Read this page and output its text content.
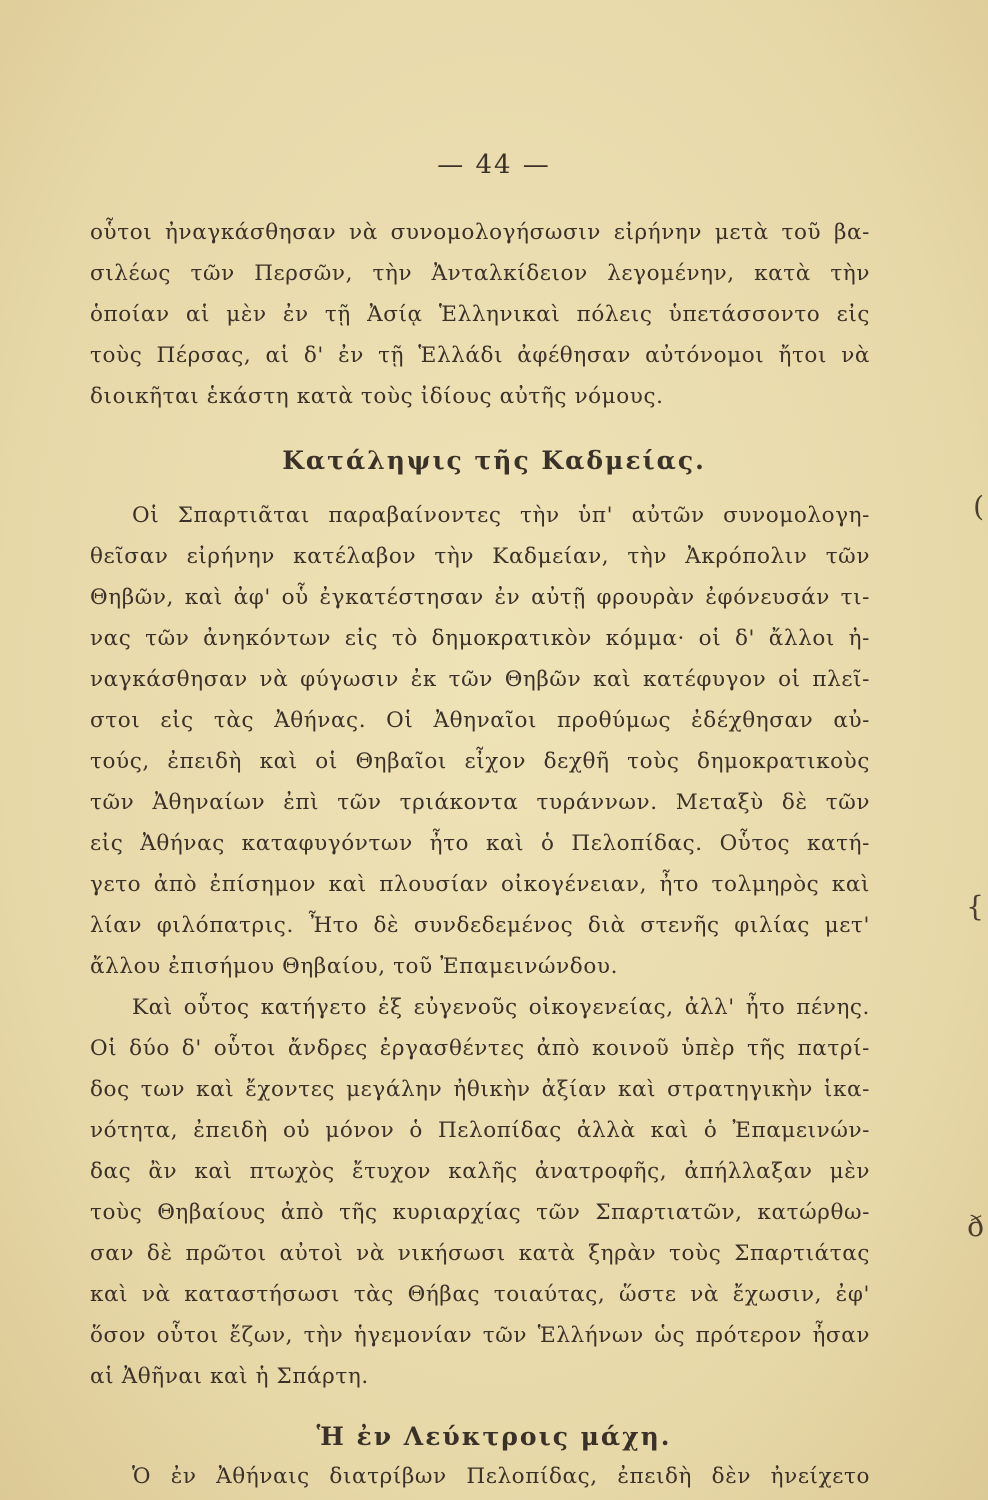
— 44 —
οὗτοι ἠναγκάσθησαν νὰ συνομολογήσωσιν εἰρήνην μετὰ τοῦ βα-
σιλέως τῶν Περσῶν, τὴν Ἀνταλκίδειον λεγομένην, κατὰ τὴν
ὁποίαν αἱ μὲν ἐν τῇ Ἀσίᾳ Ἑλληνικαὶ πόλεις ὑπετάσσοντο εἰς
τοὺς Πέρσας, αἱ δ' ἐν τῇ Ἑλλάδι ἀφέθησαν αὐτόνομοι ἤτοι νὰ
διοικῆται ἑκάστη κατὰ τοὺς ἰδίους αὐτῆς νόμους.
Κατάληψις τῆς Καδμείας.
Οἱ Σπαρτιᾶται παραβαίνοντες τὴν ὑπ' αὐτῶν συνομολογη-
θεῖσαν εἰρήνην κατέλαβον τὴν Καδμείαν, τὴν Ἀκρόπολιν τῶν
Θηβῶν, καὶ ἀφ' οὗ ἐγκατέστησαν ἐν αὐτῇ φρουρὰν ἐφόνευσάν τι-
νας τῶν ἀνηκόντων εἰς τὸ δημοκρατικὸν κόμμα· οἱ δ' ἄλλοι ἠ-
ναγκάσθησαν νὰ φύγωσιν ἐκ τῶν Θηβῶν καὶ κατέφυγον οἱ πλεῖ-
στοι εἰς τὰς Ἀθήνας. Οἱ Ἀθηναῖοι προθύμως ἐδέχθησαν αὐ-
τούς, ἐπειδὴ καὶ οἱ Θηβαῖοι εἶχον δεχθῆ τοὺς δημοκρατικοὺς
τῶν Ἀθηναίων ἐπὶ τῶν τριάκοντα τυράννων. Μεταξὺ δὲ τῶν
εἰς Ἀθήνας καταφυγόντων ἦτο καὶ ὁ Πελοπίδας. Οὗτος κατή-
γετο ἀπὸ ἐπίσημον καὶ πλουσίαν οἰκογένειαν, ἦτο τολμηρὸς καὶ
λίαν φιλόπατρις. Ἦτο δὲ συνδεδεμένος διὰ στενῆς φιλίας μετ'
ἄλλου ἐπισήμου Θηβαίου, τοῦ Ἐπαμεινώνδου.
Καὶ οὗτος κατήγετο ἐξ εὐγενοῦς οἰκογενείας, ἀλλ' ἦτο πένης.
Οἱ δύο δ' οὗτοι ἄνδρες ἐργασθέντες ἀπὸ κοινοῦ ὑπὲρ τῆς πατρί-
δος των καὶ ἔχοντες μεγάλην ἠθικὴν ἀξίαν καὶ στρατηγικὴν ἱκα-
νότητα, ἐπειδὴ οὐ μόνον ὁ Πελοπίδας ἀλλὰ καὶ ὁ Ἐπαμεινών-
δας ἂν καὶ πτωχὸς ἔτυχον καλῆς ἀνατροφῆς, ἀπήλλαξαν μὲν
τοὺς Θηβαίους ἀπὸ τῆς κυριαρχίας τῶν Σπαρτιατῶν, κατώρθω-
σαν δὲ πρῶτοι αὐτοὶ νὰ νικήσωσι κατὰ ξηρὰν τοὺς Σπαρτιάτας
καὶ νὰ καταστήσωσι τὰς Θήβας τοιαύτας, ὥστε νὰ ἔχωσιν, ἐφ'
ὅσον οὗτοι ἔζων, τὴν ἡγεμονίαν τῶν Ἑλλήνων ὡς πρότερον ἦσαν
αἱ Ἀθῆναι καὶ ἡ Σπάρτη.
Ἡ ἐν Λεύκτροις μάχη.
Ὁ ἐν Ἀθήναις διατρίβων Πελοπίδας, ἐπειδὴ δὲν ἠνείχετο
(
{
ð
